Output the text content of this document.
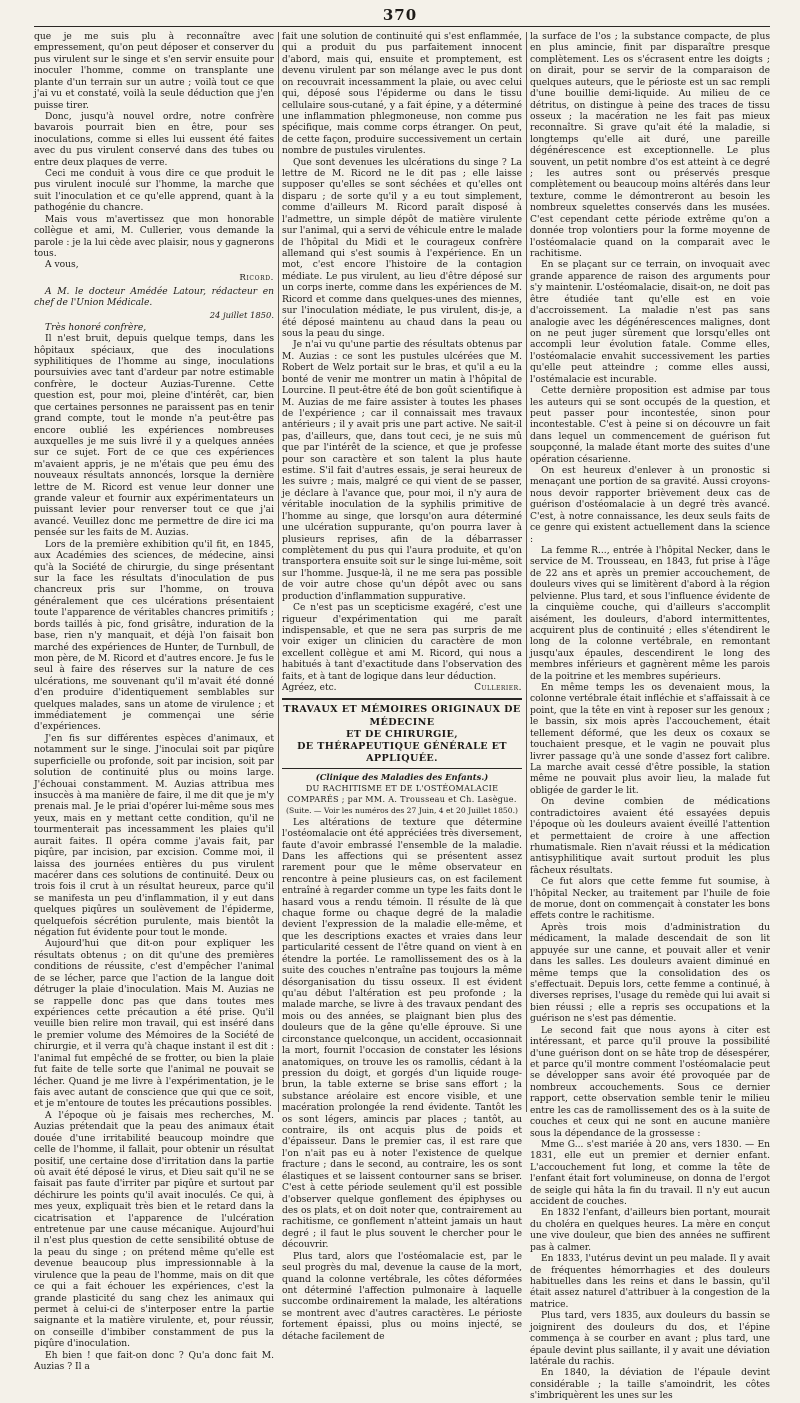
370

que je me suis plu à reconnaître avec empressement, qu'on peut déposer et conserver du pus virulent sur le singe et s'en servir ensuite pour inoculer l'homme, comme on transplante une plante d'un terrain sur un autre ; voilà tout ce que j'ai vu et constaté, voilà la seule déduction que j'en puisse tirer.

Donc, jusqu'à nouvel ordre, notre confrère bavarois pourrait bien en être, pour ses inoculations, comme si elles lui eussent été faites avec du pus virulent conservé dans des tubes ou entre deux plaques de verre.

Ceci me conduit à vous dire ce que produit le pus virulent inoculé sur l'homme, la marche que suit l'inoculation et ce qu'elle apprend, quant à la pathogénie du chancre.

Mais vous m'avertissez que mon honorable collègue et ami, M. Cullerier, vous demande la parole : je la lui cède avec plaisir, nous y gagnerons tous.

A vous,

Ricord.

A M. le docteur Amédée Latour, rédacteur en chef de l'Union Médicale.

24 juillet 1850.

Très honoré confrère,

Il n'est bruit, depuis quelque temps, dans les hôpitaux spéciaux, que des inoculations syphilitiques de l'homme au singe, inoculations poursuivies avec tant d'ardeur par notre estimable confrère, le docteur Auzias-Turenne. Cette question est, pour moi, pleine d'intérêt, car, bien que certaines personnes ne paraissent pas en tenir grand compte, tout le monde n'a peut-être pas encore oublié les expériences nombreuses auxquelles je me suis livré il y a quelques années sur ce sujet. Fort de ce que ces expériences m'avaient appris, je ne m'étais que peu ému des nouveaux résultats annoncés, lorsque la dernière lettre de M. Ricord est venue leur donner une grande valeur et fournir aux expérimentateurs un puissant levier pour renverser tout ce que j'ai avancé. Veuillez donc me permettre de dire ici ma pensée sur les faits de M. Auzias.

Lors de la première exhibition qu'il fit, en 1845, aux Académies des sciences, de médecine, ainsi qu'à la Société de chirurgie, du singe présentant sur la face les résultats d'inoculation de pus chancreux pris sur l'homme, on trouva généralement que ces ulcérations présentaient toute l'apparence de véritables chancres primitifs ; bords taillés à pic, fond grisâtre, induration de la base, rien n'y manquait, et déjà l'on faisait bon marché des expériences de Hunter, de Turnbull, de mon père, de M. Ricord et d'autres encore. Je fus le seul à faire des réserves sur la nature de ces ulcérations, me souvenant qu'il m'avait été donné d'en produire d'identiquement semblables sur quelques malades, sans un atome de virulence ; et immédiatement je commençai une série d'expériences.

J'en fis sur différentes espèces d'animaux, et notamment sur le singe. J'inoculai soit par piqûre superficielle ou profonde, soit par incision, soit par solution de continuité plus ou moins large. J'échouai constamment. M. Auzias attribua mes insuccès à ma manière de faire, il me dit que je m'y prenais mal. Je le priai d'opérer lui-même sous mes yeux, mais en y mettant cette condition, qu'il ne tourmenterait pas incessamment les plaies qu'il aurait faites. Il opéra comme j'avais fait, par piqûre, par incision, par excision. Comme moi, il laissa des journées entières du pus virulent macérer dans ces solutions de continuité. Deux ou trois fois il crut à un résultat heureux, parce qu'il se manifesta un peu d'inflammation, il y eut dans quelques piqûres un soulèvement de l'épiderme, quelquefois sécrétion purulente, mais bientôt la négation fut évidente pour tout le monde.

Aujourd'hui que dit-on pour expliquer les résultats obtenus ; on dit qu'une des premières conditions de réussite, c'est d'empêcher l'animal de se lécher, parce que l'action de la langue doit détruger la plaie d'inoculation. Mais M. Auzias ne se rappelle donc pas que dans toutes mes expériences cette précaution a été prise. Qu'il veuille bien relire mon travail, qui est inséré dans le premier volume des Mémoires de la Société de chirurgie, et il verra qu'à chaque instant il est dit : l'animal fut empêché de se frotter, ou bien la plaie fut faite de telle sorte que l'animal ne pouvait se lécher. Quand je me livre à l'expérimentation, je le fais avec autant de conscience que qui que ce soit, et je m'entoure de toutes les précautions possibles.

A l'époque où je faisais mes recherches, M. Auzias prétendait que la peau des animaux était douée d'une irritabilité beaucoup moindre que celle de l'homme, il fallait, pour obtenir un résultat positif, une certaine dose d'irritation dans la partie où avait été déposé le virus, et Dieu sait qu'il ne se faisait pas faute d'irriter par piqûre et surtout par déchirure les points qu'il avait inoculés. Ce qui, à mes yeux, expliquait très bien et le retard dans la cicatrisation et l'apparence de l'ulcération entretenue par une cause mécanique. Aujourd'hui il n'est plus question de cette sensibilité obtuse de la peau du singe ; on prétend même qu'elle est devenue beaucoup plus impressionnable à la virulence que la peau de l'homme, mais on dit que ce qui a fait échouer les expériences, c'est la grande plasticité du sang chez les animaux qui permet à celui-ci de s'interposer entre la partie saignante et la matière virulente, et, pour réussir, on conseille d'imbiber constamment de pus la piqûre d'inoculation.

Eh bien ! que fait-on donc ? Qu'a donc fait M. Auzias ? Il a

fait une solution de continuité qui s'est enflammée, qui a produit du pus parfaitement innocent d'abord, mais qui, ensuite et promptement, est devenu virulent par son mélange avec le pus dont on recouvrait incessamment la plaie, ou avec celui qui, déposé sous l'épiderme ou dans le tissu cellulaire sous-cutané, y a fait épine, y a déterminé une inflammation phlegmoneuse, non comme pus spécifique, mais comme corps étranger. On peut, de cette façon, produire successivement un certain nombre de pustules virulentes.

Que sont devenues les ulcérations du singe ? La lettre de M. Ricord ne le dit pas ; elle laisse supposer qu'elles se sont séchées et qu'elles ont disparu ; de sorte qu'il y a eu tout simplement, comme d'ailleurs M. Ricord paraît disposé à l'admettre, un simple dépôt de matière virulente sur l'animal, qui a servi de véhicule entre le malade de l'hôpital du Midi et le courageux confrère allemand qui s'est soumis à l'expérience. En un mot, c'est encore l'histoire de la contagion médiate. Le pus virulent, au lieu d'être déposé sur un corps inerte, comme dans les expériences de M. Ricord et comme dans quelques-unes des miennes, sur l'inoculation médiate, le pus virulent, dis-je, a été déposé maintenu au chaud dans la peau ou sous la peau du singe.

Je n'ai vu qu'une partie des résultats obtenus par M. Auzias : ce sont les pustules ulcérées que M. Robert de Welz portait sur le bras, et qu'il a eu la bonté de venir me montrer un matin à l'hôpital de Lourcine. Il peut-être été de bon goût scientifique à M. Auzias de me faire assister à toutes les phases de l'expérience ; car il connaissait mes travaux antérieurs ; il y avait pris une part active. Ne sait-il pas, d'ailleurs, que, dans tout ceci, je ne suis mû que par l'intérêt de la science, et que je professe pour son caractère et son talent la plus haute estime. S'il fait d'autres essais, je serai heureux de les suivre ; mais, malgré ce qui vient de se passer, je déclare à l'avance que, pour moi, il n'y aura de véritable inoculation de la syphilis primitive de l'homme au singe, que lorsqu'on aura déterminé une ulcération suppurante, qu'on pourra laver à plusieurs reprises, afin de la débarrasser complètement du pus qui l'aura produite, et qu'on transportera ensuite soit sur le singe lui-même, soit sur l'homme. Jusque-là, il ne me sera pas possible de voir autre chose qu'un dépôt avec ou sans production d'inflammation suppurative.

Ce n'est pas un scepticisme exagéré, c'est une rigueur d'expérimentation qui me paraît indispensable, et que ne sera pas surpris de me voir exiger un clinicien du caractère de mon excellent collègue et ami M. Ricord, qui nous a habitués à tant d'exactitude dans l'observation des faits, et à tant de logique dans leur déduction.

Agréez, etc.	Cullerier.
TRAVAUX ET MÉMOIRES ORIGINAUX DE MÉDECINE
ET DE CHIRURGIE,
DE THÉRAPEUTIQUE GÉNÉRALE ET APPLIQUÉE.
(Clinique des Maladies des Enfants.)
DU RACHITISME ET DE L'OSTÉOMALACIE COMPARÉS ; par MM. A. Trousseau et Ch. Lasègue.
(Suite. — Voir les numéros des 27 Juin, 4 et 20 Juillet 1850.)

Les altérations de texture que détermine l'ostéomalacie ont été appréciées très diversement, faute d'avoir embrassé l'ensemble de la maladie. Dans les affections qui se présentent assez rarement pour que le même observateur en rencontre à peine plusieurs cas, on est facilement entraîné à regarder comme un type les faits dont le hasard vous a rendu témoin. Il résulte de là que chaque forme ou chaque degré de la maladie devient l'expression de la maladie elle-même, et que les descriptions exactes et vraies dans leur particularité cessent de l'être quand on vient à en étendre la portée. Le ramollissement des os à la suite des couches n'entraîne pas toujours la même désorganisation du tissu osseux. Il est évident qu'au début l'altération est peu profonde ; la malade marche, se livre à des travaux pendant des mois ou des années, se plaignant bien plus des douleurs que de la gêne qu'elle éprouve. Si une circonstance quelconque, un accident, occasionnait la mort, fournit l'occasion de constater les lésions anatomiques, on trouve les os ramollis, cédant à la pression du doigt, et gorgés d'un liquide rouge-brun, la table externe se brise sans effort ; la substance aréolaire est encore visible, et une macération prolongée la rend évidente. Tantôt les os sont légers, amincis par places ; tantôt, au contraire, ils ont acquis plus de poids et d'épaisseur. Dans le premier cas, il est rare que l'on n'ait pas eu à noter l'existence de quelque fracture ; dans le second, au contraire, les os sont élastiques et se laissent contourner sans se briser. C'est à cette période seulement qu'il est possible d'observer quelque gonflement des épiphyses ou des os plats, et on doit noter que, contrairement au rachitisme, ce gonflement n'atteint jamais un haut degré ; il faut le plus souvent le chercher pour le découvrir.

Plus tard, alors que l'ostéomalacie est, par le seul progrès du mal, devenue la cause de la mort, quand la colonne vertébrale, les côtes déformées ont déterminé l'affection pulmonaire à laquelle succombe ordinairement la malade, les altérations se montrent avec d'autres caractères. Le périoste fortement épaissi, plus ou moins injecté, se détache facilement de

la surface de l'os ; la substance compacte, de plus en plus amincie, finit par disparaître presque complètement. Les os s'écrasent entre les doigts ; on dirait, pour se servir de la comparaison de quelques auteurs, que le périoste est un sac rempli d'une bouillie demi-liquide. Au milieu de ce détritus, on distingue à peine des traces de tissu osseux ; la macération ne les fait pas mieux reconnaître. Si grave qu'ait été la maladie, si longtemps qu'elle ait duré, une pareille dégénérescence est exceptionnelle. Le plus souvent, un petit nombre d'os est atteint à ce degré ; les autres sont ou préservés presque complètement ou beaucoup moins altérés dans leur texture, comme le démontreront au besoin les nombreux squelettes conservés dans les musées. C'est cependant cette période extrême qu'on a donnée trop volontiers pour la forme moyenne de l'ostéomalacie quand on la comparait avec le rachitisme.

En se plaçant sur ce terrain, on invoquait avec grande apparence de raison des arguments pour s'y maintenir. L'ostéomalacie, disait-on, ne doit pas être étudiée tant qu'elle est en voie d'accroissement. La maladie n'est pas sans analogie avec les dégénérescences malignes, dont on ne peut juger sûrement que lorsqu'elles ont accompli leur évolution fatale. Comme elles, l'ostéomalacie envahit successivement les parties qu'elle peut atteindre ; comme elles aussi, l'ostémalacie est incurable.

Cette dernière proposition est admise par tous les auteurs qui se sont occupés de la question, et peut passer pour incontestée, sinon pour incontestable. C'est à peine si on découvre un fait dans lequel un commencement de guérison fut soupçonné, la malade étant morte des suites d'une opération césarienne.

On est heureux d'enlever à un pronostic si menaçant une portion de sa gravité. Aussi croyons-nous devoir rapporter brièvement deux cas de guérison d'ostéomalacie à un degré très avancé. C'est, à notre connaissance, les deux seuls faits de ce genre qui existent actuellement dans la science :

La femme R..., entrée à l'hôpital Necker, dans le service de M. Trousseau, en 1843, fut prise à l'âge de 22 ans et après un premier accouchement, de douleurs vives qui se limitèrent d'abord à la région pelvienne. Plus tard, et sous l'influence évidente de la cinquième couche, qui d'ailleurs s'accomplit aisément, les douleurs, d'abord intermittentes, acquirent plus de continuité ; elles s'étendirent le long de la colonne vertébrale, en remontant jusqu'aux épaules, descendirent le long des membres inférieurs et gagnèrent même les parois de la poitrine et les membres supérieurs.

En même temps les os devenaient mous, la colonne vertébrale était infléchie et s'affaissait à ce point, que la tête en vint à reposer sur les genoux ; le bassin, six mois après l'accouchement, était tellement déformé, que les deux os coxaux se touchaient presque, et le vagin ne pouvait plus livrer passage qu'à une sonde d'assez fort calibre. La marche avait cessé d'être possible, la station même ne pouvait plus avoir lieu, la malade fut obligée de garder le lit.

On devine combien de médications contradictoires avaient été essayées depuis l'époque où les douleurs avaient éveillé l'attention et permettaient de croire à une affection rhumatismale. Rien n'avait réussi et la médication antisyphilitique avait surtout produit les plus fâcheux résultats.

Ce fut alors que cette femme fut soumise, à l'hôpital Necker, au traitement par l'huile de foie de morue, dont on commençait à constater les bons effets contre le rachitisme.

Après trois mois d'administration du médicament, la malade descendait de son lit appuyée sur une canne, et pouvait aller et venir dans les salles. Les douleurs avaient diminué en même temps que la consolidation des os s'effectuait. Depuis lors, cette femme a continué, à diverses reprises, l'usage du remède qui lui avait si bien réussi ; elle a repris ses occupations et la guérison ne s'est pas démentie.

Le second fait que nous ayons à citer est intéressant, et parce qu'il prouve la possibilité d'une guérison dont on se hâte trop de désespérer, et parce qu'il montre comment l'ostéomalacie peut se développer sans avoir été provoquée par de nombreux accouchements. Sous ce dernier rapport, cette observation semble tenir le milieu entre les cas de ramollissement des os à la suite de couches et ceux qui ne sont en aucune manière sous la dépendance de la grossesse :

Mme G... s'est mariée à 20 ans, vers 1830. — En 1831, elle eut un premier et dernier enfant. L'accouchement fut long, et comme la tête de l'enfant était fort volumineuse, on donna de l'ergot de seigle qui hâta la fin du travail. Il n'y eut aucun accident de couches.

En 1832 l'enfant, d'ailleurs bien portant, mourait du choléra en quelques heures. La mère en conçut une vive douleur, que bien des années ne suffirent pas à calmer.

En 1833, l'utérus devint un peu malade. Il y avait de fréquentes hémorrhagies et des douleurs habituelles dans les reins et dans le bassin, qu'il était assez naturel d'attribuer à la congestion de la matrice.

Plus tard, vers 1835, aux douleurs du bassin se joignirent des douleurs du dos, et l'épine commença à se courber en avant ; plus tard, une épaule devint plus saillante, il y avait une déviation latérale du rachis.

En 1840, la déviation de l'épaule devint considérable ; la taille s'amoindrit, les côtes s'imbriquèrent les unes sur les
